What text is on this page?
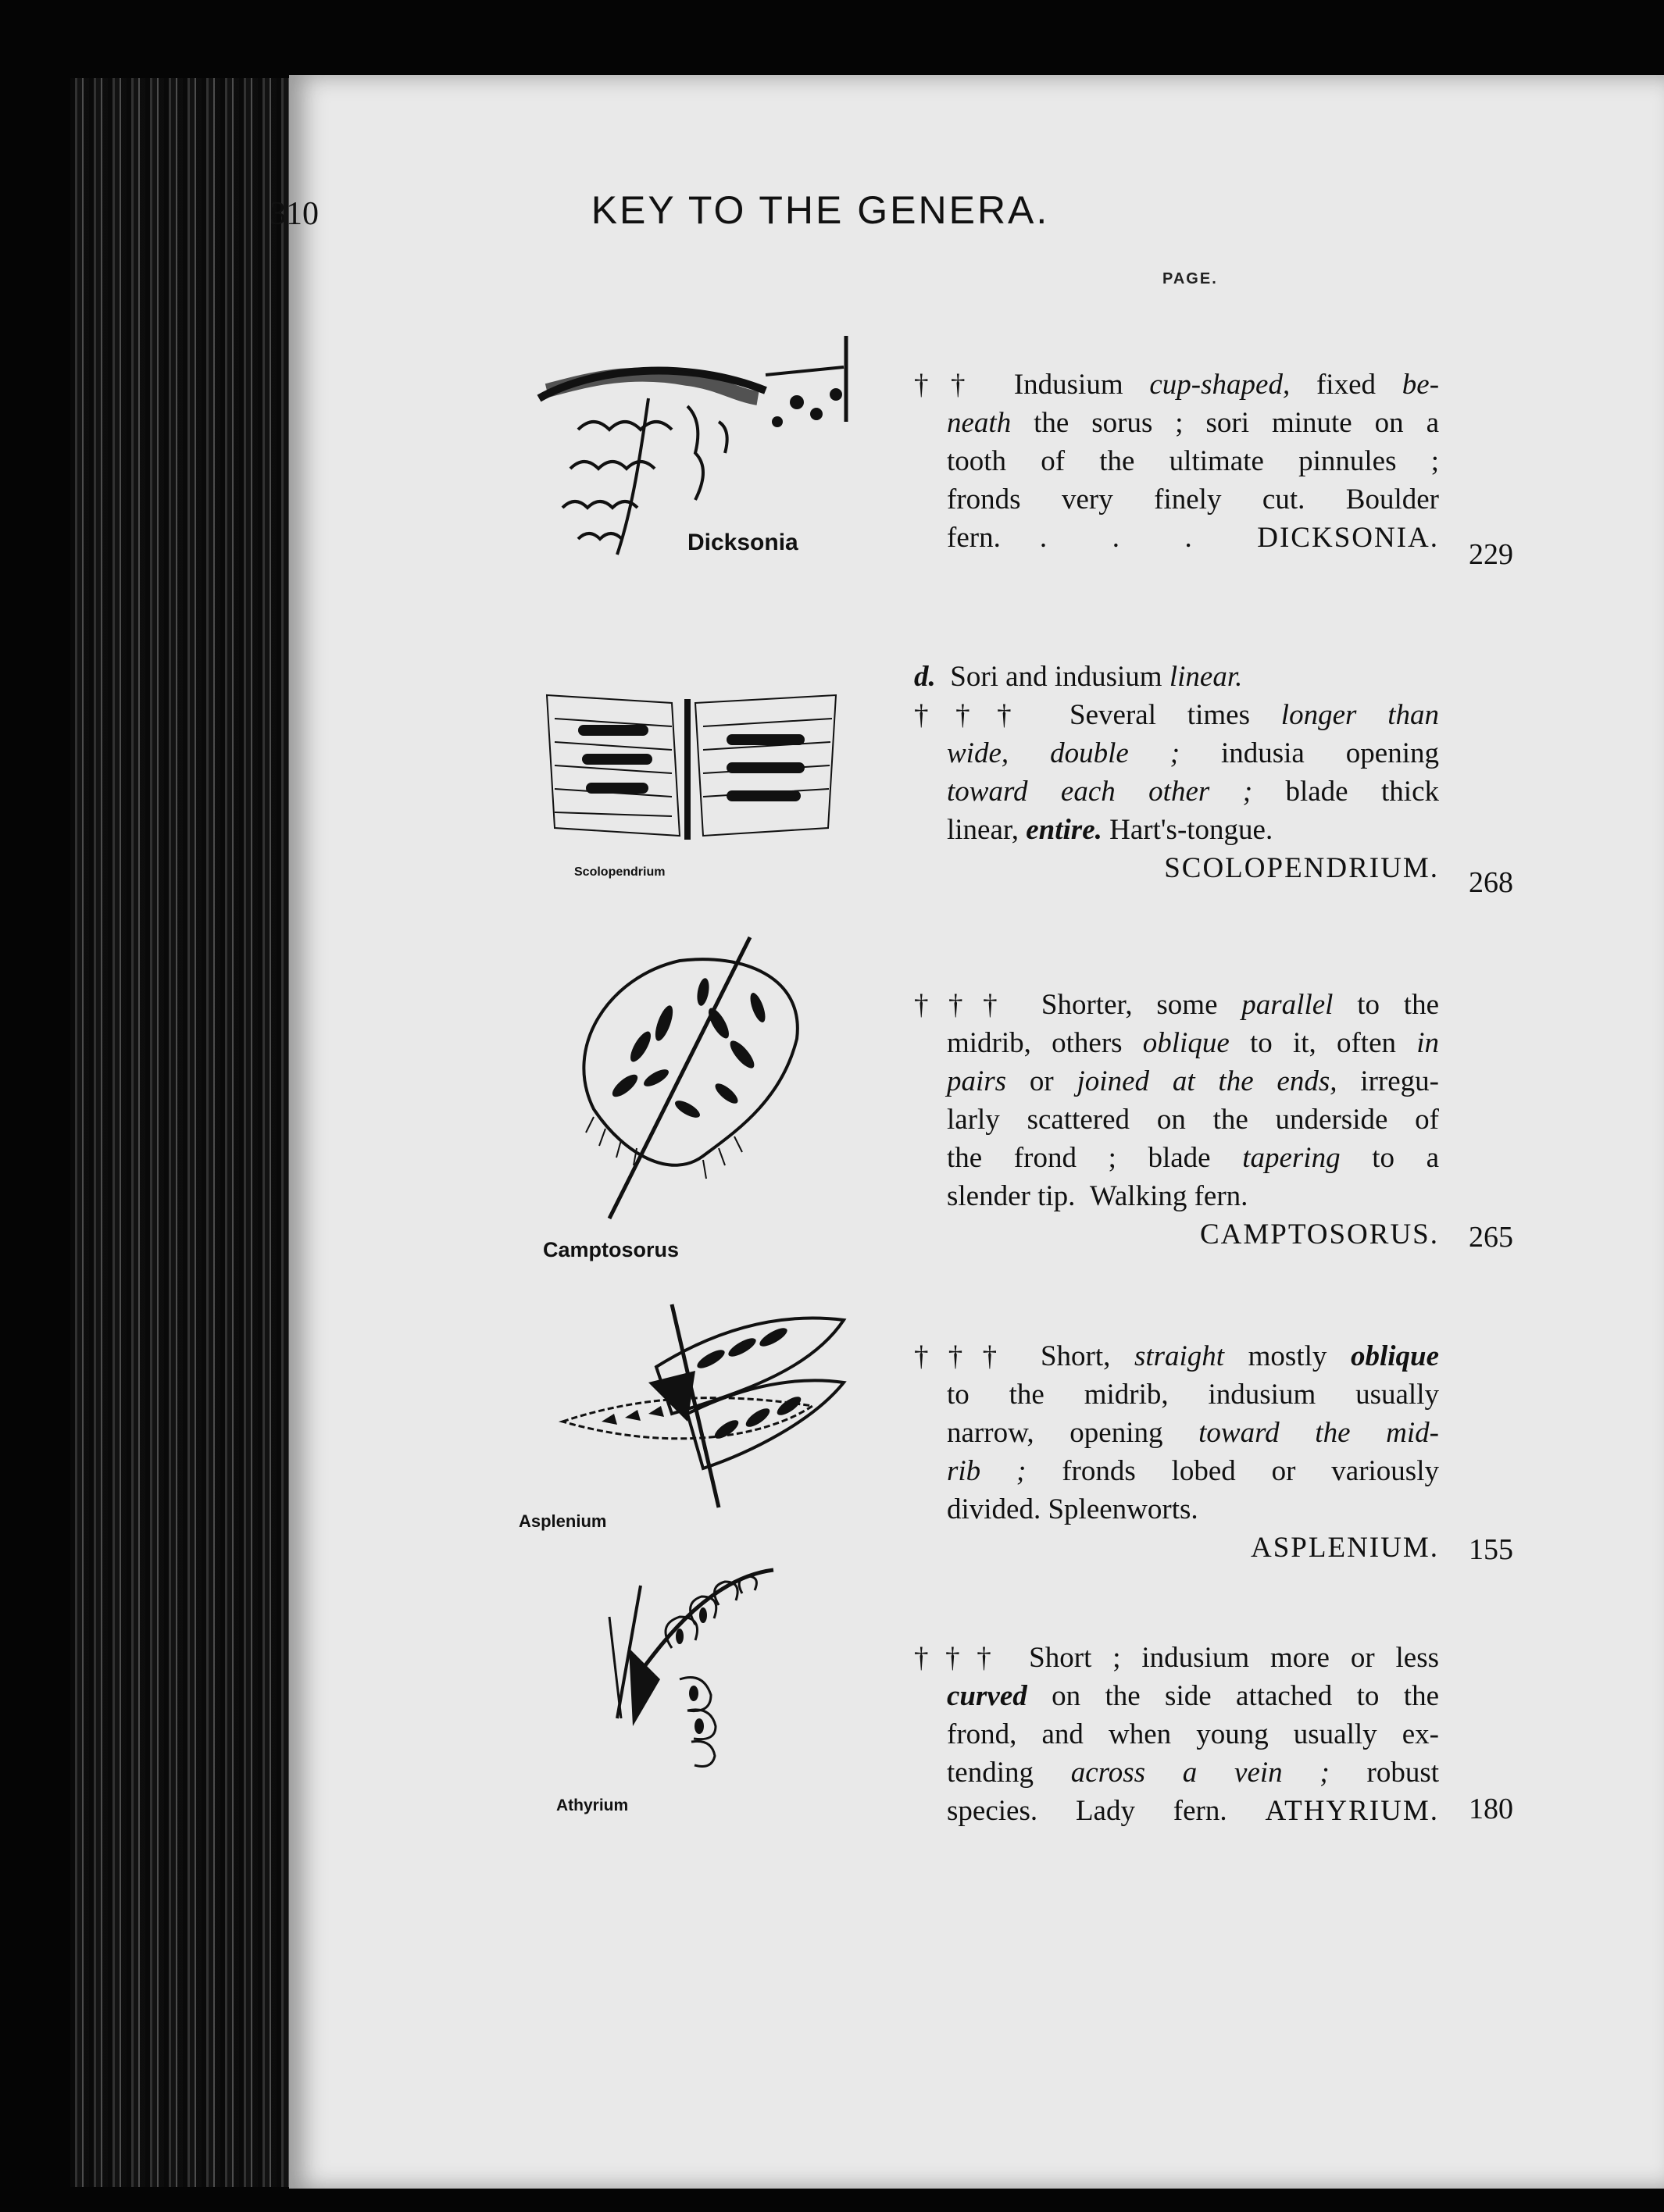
310	KEY TO THE GENERA.
PAGE.
Dicksonia
†† Indusium cup-shaped, fixed be-
neath the sorus ; sori minute on a
tooth of the ultimate pinnules ;
fronds very finely cut. Boulder
fern.   .     .     .     DICKSONIA.
229
Scolopendrium
d.  Sori and indusium linear.
††† Several times longer than
wide, double ; indusia opening
toward each other ; blade thick
linear, entire. Hart's-tongue.
SCOLOPENDRIUM. 268
Camptosorus
††† Shorter, some parallel to the
midrib, others oblique to it, often in
pairs or joined at the ends, irregu-
larly scattered on the underside of
the frond ; blade tapering to a
slender tip.  Walking fern.
CAMPTOSORUS. 265
Asplenium
††† Short, straight mostly oblique
to the midrib, indusium usually
narrow, opening toward the mid-
rib ; fronds lobed or variously
divided. Spleenworts.
ASPLENIUM. 155
Athyrium
††† Short ; indusium more or less
curved on the side attached to the
frond, and when young usually ex-
tending across a vein ; robust
species. Lady fern. ATHYRIUM. 180
